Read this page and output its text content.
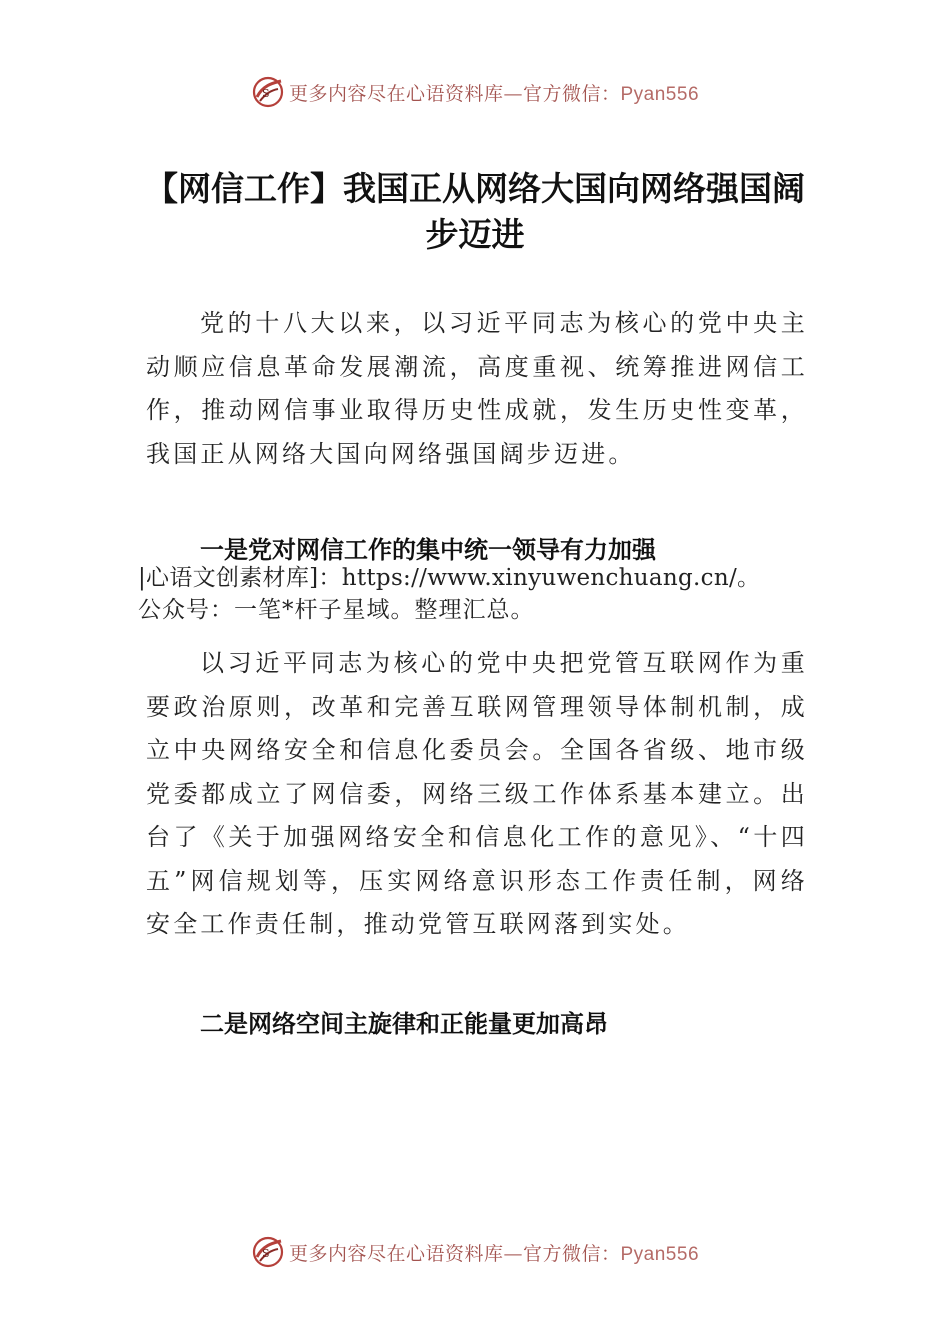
S 更多内容尽在心语资料库—官方微信：Pyan556
【网信工作】我国正从网络大国向网络强国阔步迈进

党的十八大以来，以习近平同志为核心的党中央主动顺应信息革命发展潮流，高度重视、统筹推进网信工作，推动网信事业取得历史性成就，发生历史性变革，我国正从网络大国向网络强国阔步迈进。

一是党对网信工作的集中统一领导有力加强

|心语文创素材库]：https://www.xinyuwenchuang.cn/。

公众号：一笔*杆子星域。整理汇总。

以习近平同志为核心的党中央把党管互联网作为重要政治原则，改革和完善互联网管理领导体制机制，成立中央网络安全和信息化委员会。全国各省级、地市级党委都成立了网信委，网络三级工作体系基本建立。出台了《关于加强网络安全和信息化工作的意见》、“十四五”网信规划等，压实网络意识形态工作责任制，网络安全工作责任制，推动党管互联网落到实处。

二是网络空间主旋律和正能量更加高昂

S 更多内容尽在心语资料库—官方微信：Pyan556
